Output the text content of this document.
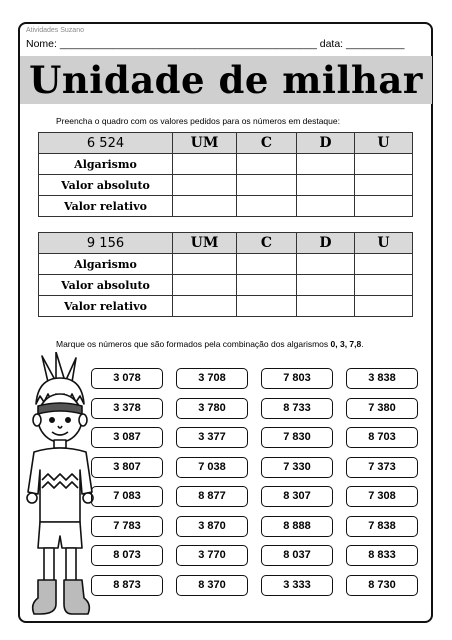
Atividades Suzano
Nome: ____________________________________________ data: __________
Unidade de milhar
Preencha o quadro com os valores pedidos para os números em destaque:
6 524	UM	C	D	U
Algarismo				
Valor absoluto				
Valor relativo				
9 156	UM	C	D	U
Algarismo				
Valor absoluto				
Valor relativo				
Marque os números que são formados pela combinação dos algarismos 0, 3, 7,8.
3 078	3 708	7 803	3 838
3 378	3 780	8 733	7 380
3 087	3 377	7 830	8 703
3 807	7 038	7 330	7 373
7 083	8 877	8 307	7 308
7 783	3 870	8 888	7 838
8 073	3 770	8 037	8 833
8 873	8 370	3 333	8 730
